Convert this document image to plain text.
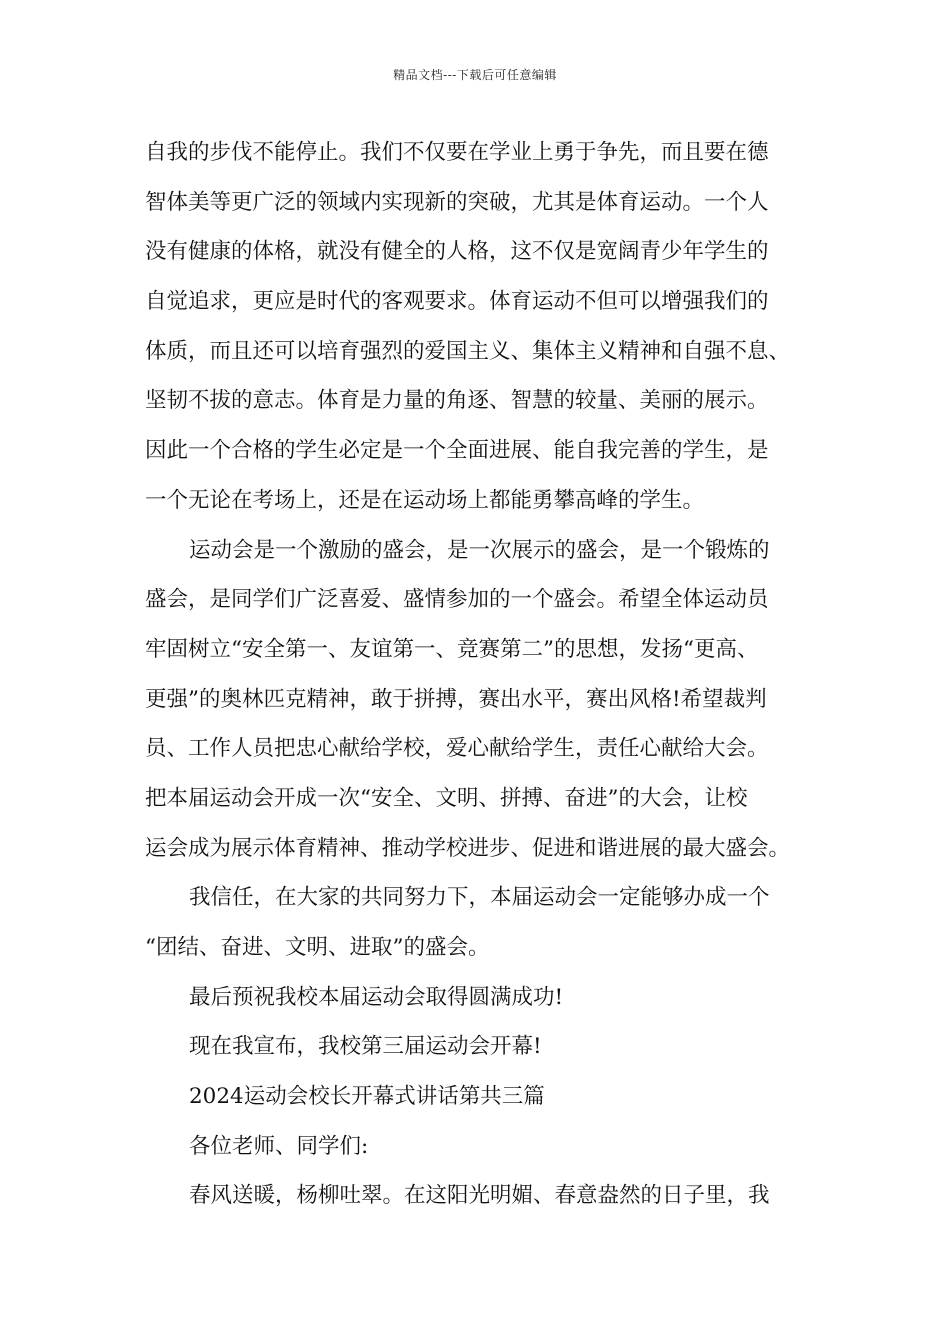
精品文档---下载后可任意编辑
自我的步伐不能停止。我们不仅要在学业上勇于争先，而且要在德
智体美等更广泛的领域内实现新的突破，尤其是体育运动。一个人
没有健康的体格，就没有健全的人格，这不仅是宽阔青少年学生的
自觉追求，更应是时代的客观要求。体育运动不但可以增强我们的
体质，而且还可以培育强烈的爱国主义、集体主义精神和自强不息、
坚韧不拔的意志。体育是力量的角逐、智慧的较量、美丽的展示。
因此一个合格的学生必定是一个全面进展、能自我完善的学生，是
一个无论在考场上，还是在运动场上都能勇攀高峰的学生。
运动会是一个激励的盛会，是一次展示的盛会，是一个锻炼的
盛会，是同学们广泛喜爱、盛情参加的一个盛会。希望全体运动员
牢固树立“安全第一、友谊第一、竞赛第二”的思想，发扬“更高、
更强”的奥林匹克精神，敢于拼搏，赛出水平，赛出风格!希望裁判
员、工作人员把忠心献给学校，爱心献给学生，责任心献给大会。
把本届运动会开成一次“安全、文明、拼搏、奋进”的大会，让校
运会成为展示体育精神、推动学校进步、促进和谐进展的最大盛会。
我信任，在大家的共同努力下，本届运动会一定能够办成一个
“团结、奋进、文明、进取”的盛会。
最后预祝我校本届运动会取得圆满成功!
现在我宣布，我校第三届运动会开幕!
2024运动会校长开幕式讲话第共三篇
各位老师、同学们:
春风送暖，杨柳吐翠。在这阳光明媚、春意盎然的日子里，我
